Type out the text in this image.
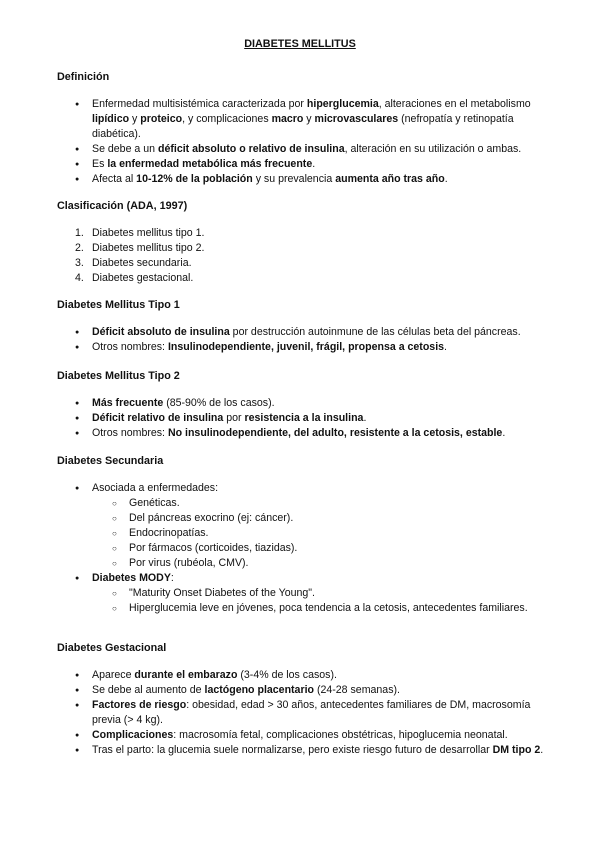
DIABETES MELLITUS
Definición
● Enfermedad multisistémica caracterizada por hiperglucemia, alteraciones en el metabolismo lipídico y proteico, y complicaciones macro y microvasculares (nefropatía y retinopatía diabética).
● Se debe a un déficit absoluto o relativo de insulina, alteración en su utilización o ambas.
● Es la enfermedad metabólica más frecuente.
● Afecta al 10-12% de la población y su prevalencia aumenta año tras año.
Clasificación (ADA, 1997)
1. Diabetes mellitus tipo 1.
2. Diabetes mellitus tipo 2.
3. Diabetes secundaria.
4. Diabetes gestacional.
Diabetes Mellitus Tipo 1
● Déficit absoluto de insulina por destrucción autoinmune de las células beta del páncreas.
● Otros nombres: Insulinodependiente, juvenil, frágil, propensa a cetosis.
Diabetes Mellitus Tipo 2
● Más frecuente (85-90% de los casos).
● Déficit relativo de insulina por resistencia a la insulina.
● Otros nombres: No insulinodependiente, del adulto, resistente a la cetosis, estable.
Diabetes Secundaria
● Asociada a enfermedades:
○ Genéticas.
○ Del páncreas exocrino (ej: cáncer).
○ Endocrinopatías.
○ Por fármacos (corticoides, tiazidas).
○ Por virus (rubéola, CMV).
● Diabetes MODY:
○ "Maturity Onset Diabetes of the Young".
○ Hiperglucemia leve en jóvenes, poca tendencia a la cetosis, antecedentes familiares.
Diabetes Gestacional
● Aparece durante el embarazo (3-4% de los casos).
● Se debe al aumento de lactógeno placentario (24-28 semanas).
● Factores de riesgo: obesidad, edad > 30 años, antecedentes familiares de DM, macrosomía previa (> 4 kg).
● Complicaciones: macrosomía fetal, complicaciones obstétricas, hipoglucemia neonatal.
● Tras el parto: la glucemia suele normalizarse, pero existe riesgo futuro de desarrollar DM tipo 2.
